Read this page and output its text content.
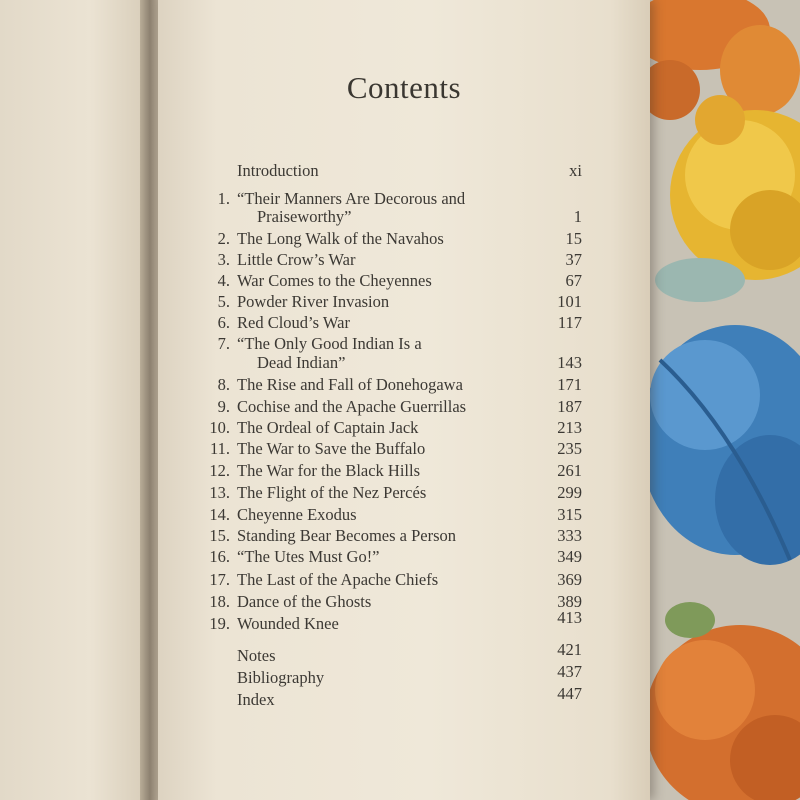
Contents
Introduction	xi
1. “Their Manners Are Decorous and
Praiseworthy”	1
2. The Long Walk of the Navahos	15
3. Little Crow’s War	37
4. War Comes to the Cheyennes	67
5. Powder River Invasion	101
6. Red Cloud’s War	117
7. “The Only Good Indian Is a
Dead Indian”	143
8. The Rise and Fall of Donehogawa	171
9. Cochise and the Apache Guerrillas	187
10. The Ordeal of Captain Jack	213
11. The War to Save the Buffalo	235
12. The War for the Black Hills	261
13. The Flight of the Nez Percés	299
14. Cheyenne Exodus	315
15. Standing Bear Becomes a Person	333
16. “The Utes Must Go!”	349
17. The Last of the Apache Chiefs	369
18. Dance of the Ghosts	389
19. Wounded Knee	413
Notes	421
Bibliography	437
Index	447
